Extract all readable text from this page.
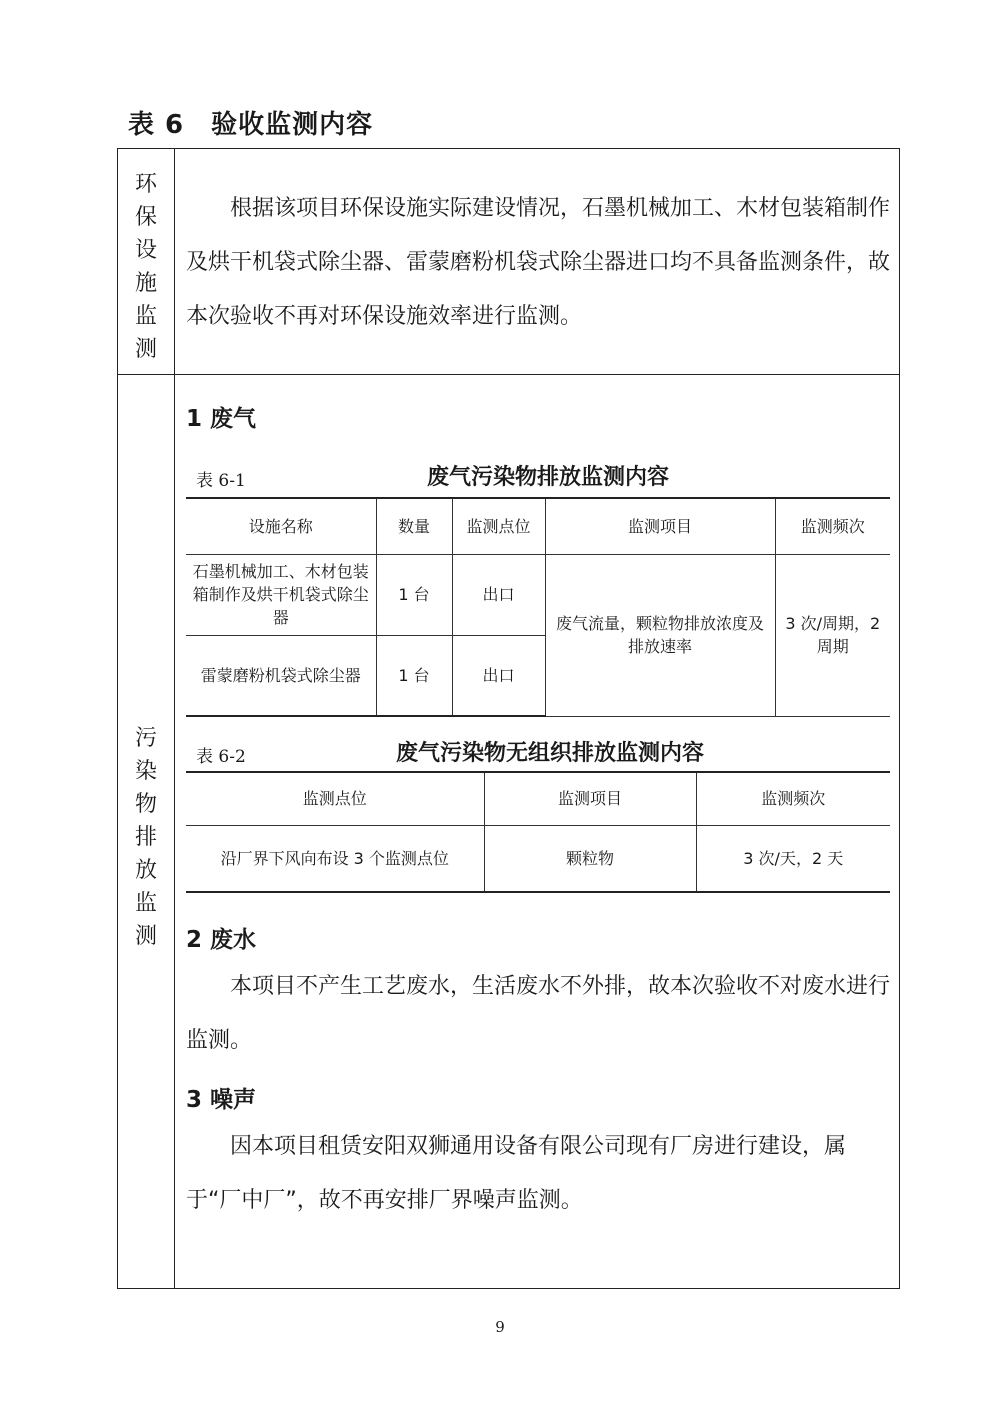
表 6　验收监测内容
环保设施监测
根据该项目环保设施实际建设情况，石墨机械加工、木材包装箱制作及烘干机袋式除尘器、雷蒙磨粉机袋式除尘器进口均不具备监测条件，故本次验收不再对环保设施效率进行监测。
污染物排放监测
1 废气
表 6-1	废气污染物排放监测内容
设施名称	数量	监测点位	监测项目	监测频次
石墨机械加工、木材包装箱制作及烘干机袋式除尘器	1 台	出口	废气流量，颗粒物排放浓度及排放速率	3 次/周期，2 周期
雷蒙磨粉机袋式除尘器	1 台	出口		
表 6-2	废气污染物无组织排放监测内容
监测点位	监测项目	监测频次
沿厂界下风向布设 3 个监测点位	颗粒物	3 次/天，2 天
2 废水
本项目不产生工艺废水，生活废水不外排，故本次验收不对废水进行监测。
3 噪声
因本项目租赁安阳双狮通用设备有限公司现有厂房进行建设，属于“厂中厂”，故不再安排厂界噪声监测。
9
